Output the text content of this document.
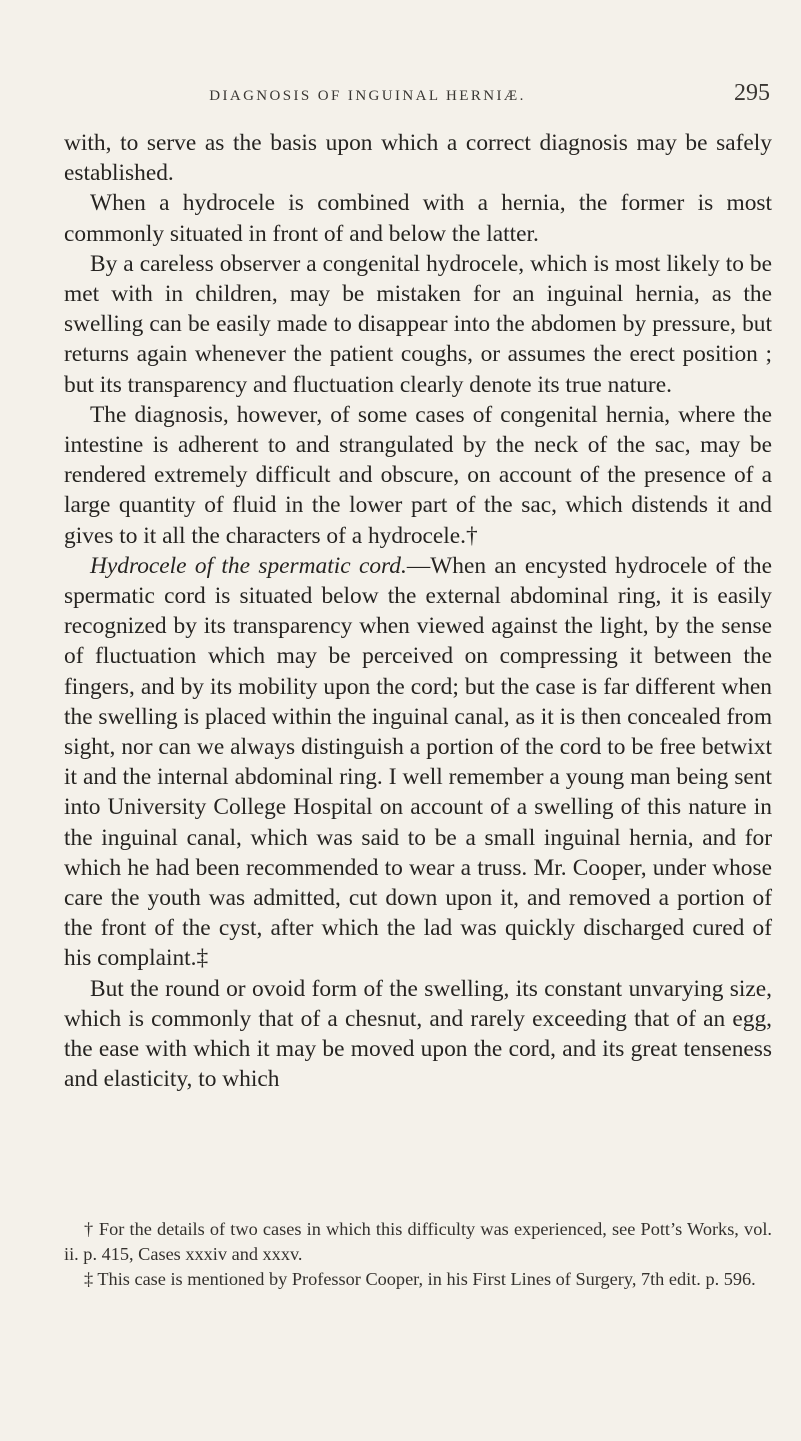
DIAGNOSIS OF INGUINAL HERNIÆ.	295

with, to serve as the basis upon which a correct diagnosis may be safely established.

When a hydrocele is combined with a hernia, the former is most commonly situated in front of and below the latter.

By a careless observer a congenital hydrocele, which is most likely to be met with in children, may be mistaken for an inguinal hernia, as the swelling can be easily made to disappear into the abdomen by pressure, but returns again whenever the patient coughs, or assumes the erect position ; but its transparency and fluctuation clearly denote its true nature.

The diagnosis, however, of some cases of congenital hernia, where the intestine is adherent to and strangulated by the neck of the sac, may be rendered extremely difficult and obscure, on account of the presence of a large quantity of fluid in the lower part of the sac, which distends it and gives to it all the characters of a hydrocele.†

Hydrocele of the spermatic cord.—When an encysted hydrocele of the spermatic cord is situated below the external abdominal ring, it is easily recognized by its transparency when viewed against the light, by the sense of fluctuation which may be perceived on compressing it between the fingers, and by its mobility upon the cord; but the case is far different when the swelling is placed within the inguinal canal, as it is then concealed from sight, nor can we always distinguish a portion of the cord to be free betwixt it and the internal abdominal ring. I well remember a young man being sent into University College Hospital on account of a swelling of this nature in the inguinal canal, which was said to be a small inguinal hernia, and for which he had been recommended to wear a truss. Mr. Cooper, under whose care the youth was admitted, cut down upon it, and removed a portion of the front of the cyst, after which the lad was quickly discharged cured of his complaint.‡

But the round or ovoid form of the swelling, its constant unvarying size, which is commonly that of a chesnut, and rarely exceeding that of an egg, the ease with which it may be moved upon the cord, and its great tenseness and elasticity, to which

† For the details of two cases in which this difficulty was experienced, see Pott’s Works, vol. ii. p. 415, Cases xxxiv and xxxv.

‡ This case is mentioned by Professor Cooper, in his First Lines of Surgery, 7th edit. p. 596.
